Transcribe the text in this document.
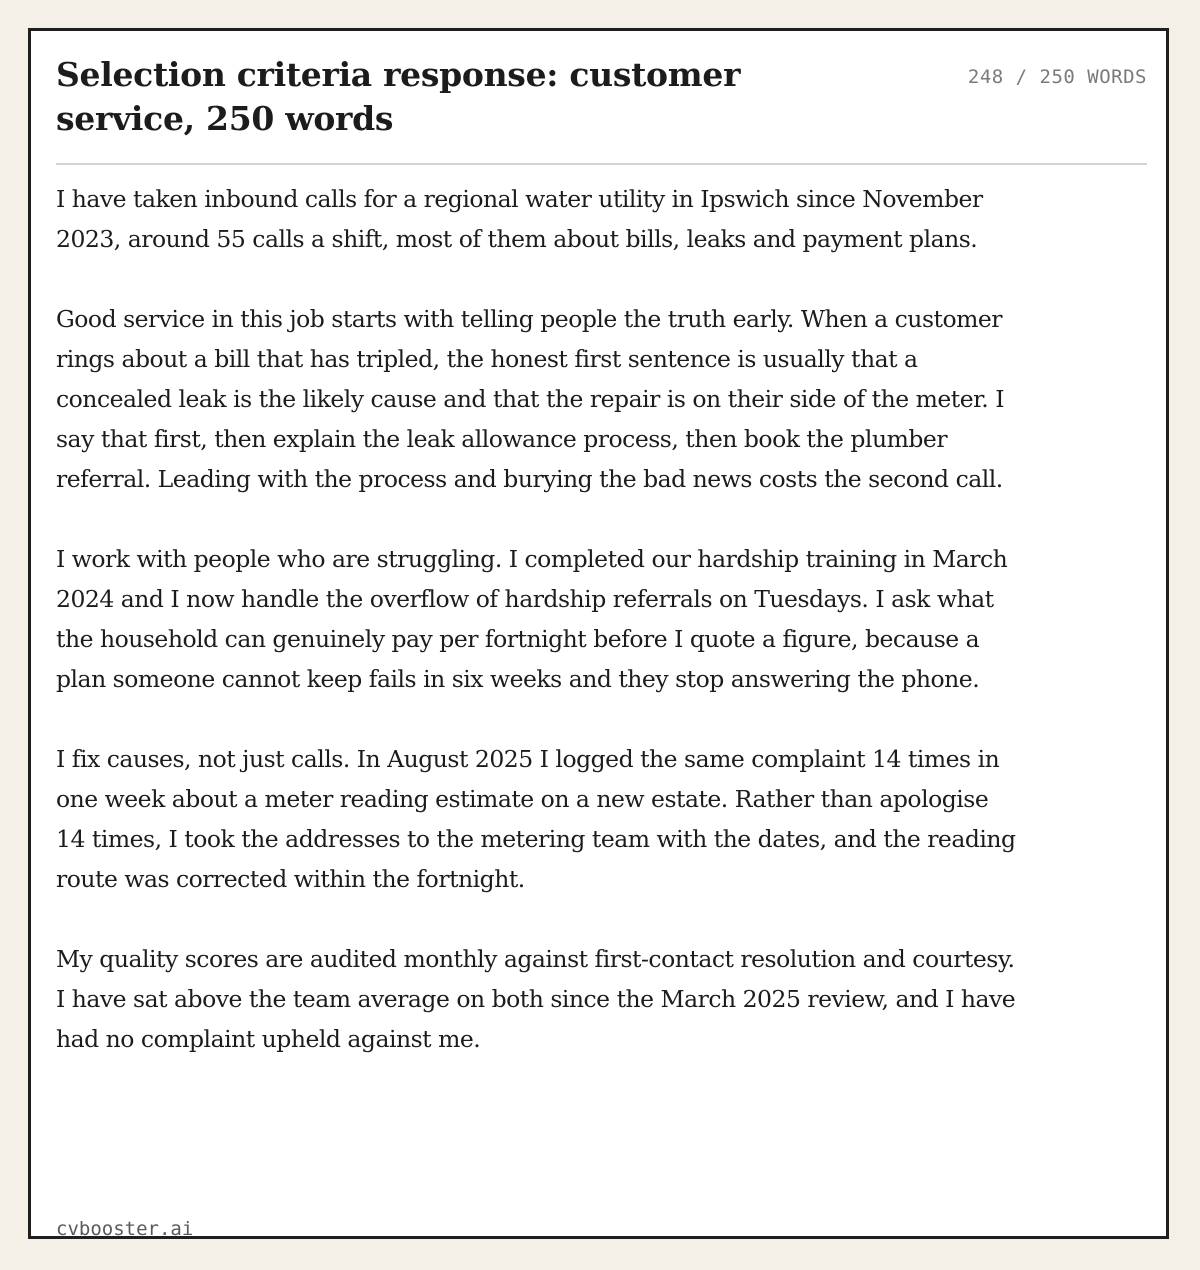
Selection criteria response: customer service, 250 words
248 / 250 WORDS

I have taken inbound calls for a regional water utility in Ipswich since November 2023, around 55 calls a shift, most of them about bills, leaks and payment plans.

Good service in this job starts with telling people the truth early. When a customer rings about a bill that has tripled, the honest first sentence is usually that a concealed leak is the likely cause and that the repair is on their side of the meter. I say that first, then explain the leak allowance process, then book the plumber referral. Leading with the process and burying the bad news costs the second call.

I work with people who are struggling. I completed our hardship training in March 2024 and I now handle the overflow of hardship referrals on Tuesdays. I ask what the household can genuinely pay per fortnight before I quote a figure, because a plan someone cannot keep fails in six weeks and they stop answering the phone.

I fix causes, not just calls. In August 2025 I logged the same complaint 14 times in one week about a meter reading estimate on a new estate. Rather than apologise 14 times, I took the addresses to the metering team with the dates, and the reading route was corrected within the fortnight.

My quality scores are audited monthly against first-contact resolution and courtesy. I have sat above the team average on both since the March 2025 review, and I have had no complaint upheld against me.

cvbooster.ai
